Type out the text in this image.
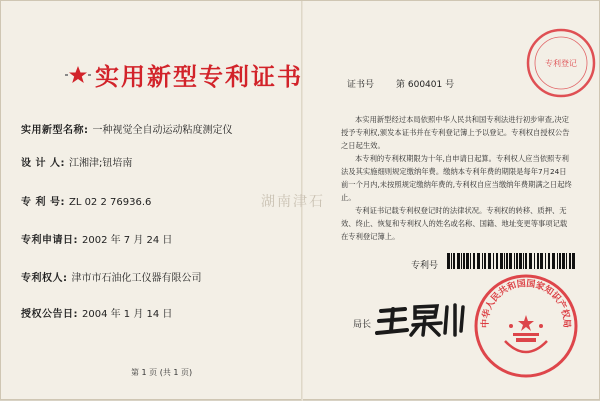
实用新型专利证书
实用新型名称: 一种视觉全自动运动粘度测定仪
设 计 人: 江湘津;钮培南
专 利 号: ZL 02 2 76936.6
专利申请日: 2002 年 7 月 24 日
专利权人: 津市市石油化工仪器有限公司
授权公告日: 2004 年 1 月 14 日
第 1 页 (共 1 页)
证书号 第 600401 号
专利登记

本实用新型经过本局依照中华人民共和国专利法进行初步审查,决定授予专利权,颁发本证书并在专利登记簿上予以登记。专利权自授权公告之日起生效。

本专利的专利权期限为十年,自申请日起算。专利权人应当依照专利法及其实施细则规定缴纳年费。缴纳本专利年费的期限是每年7月24日前一个月内,未按照规定缴纳年费的,专利权自应当缴纳年费期满之日起终止。

专利证书记载专利权登记时的法律状况。专利权的转移、质押、无效、终止、恢复和专利权人的姓名或名称、国籍、地址变更等事项记载在专利登记簿上。

湖南津石
专利号
局长	中华人民共和国国家知识产权局
